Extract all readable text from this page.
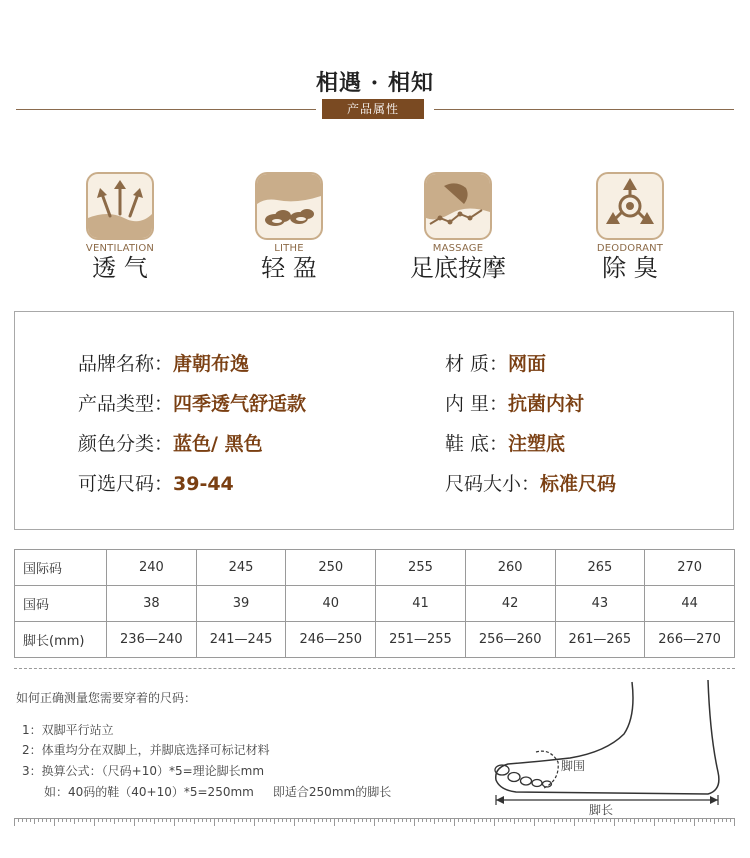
相遇 · 相知
产品属性
VENTILATION
透 气
LITHE
轻 盈
MASSAGE
足底按摩
DEODORANT
除 臭
品牌名称：唐朝布逸	材 质：网面
产品类型：四季透气舒适款	内 里：抗菌内衬
颜色分类：蓝色/ 黑色	鞋 底：注塑底
可选尺码：39-44	尺码大小：标准尺码
国际码	240	245	250	255	260	265	270
国码	38	39	40	41	42	43	44
脚长(mm)	236—240	241—245	246—250	251—255	256—260	261—265	266—270
如何正确测量您需要穿着的尺码：
1：双脚平行站立
2：体重均分在双脚上，并脚底选择可标记材料
3：换算公式：（尺码+10）*5=理论脚长mm
如：40码的鞋（40+10）*5=250mm     即适合250mm的脚长
脚围
脚长
